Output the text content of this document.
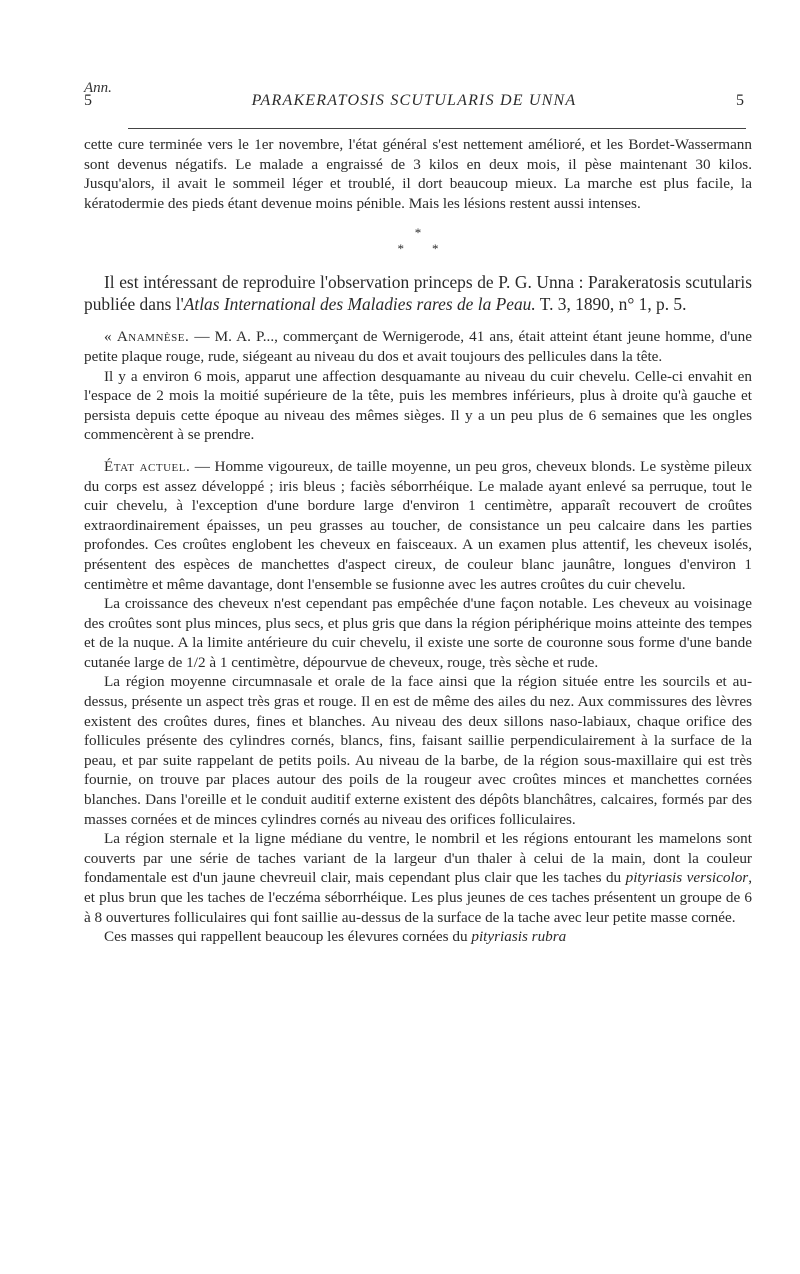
Ann.
5	PARAKERATOSIS SCUTULARIS DE UNNA	5

cette cure terminée vers le 1er novembre, l'état général s'est nettement amélioré, et les Bordet-Wassermann sont devenus négatifs. Le malade a engraissé de 3 kilos en deux mois, il pèse maintenant 30 kilos. Jusqu'alors, il avait le sommeil léger et troublé, il dort beaucoup mieux. La marche est plus facile, la kératodermie des pieds étant devenue moins pénible. Mais les lésions restent aussi intenses.

*
* *

Il est intéressant de reproduire l'observation princeps de P. G. Unna : Parakeratosis scutularis publiée dans l'Atlas International des Maladies rares de la Peau. T. 3, 1890, n° 1, p. 5.

« Anamnèse. — M. A. P..., commerçant de Wernigerode, 41 ans, était atteint étant jeune homme, d'une petite plaque rouge, rude, siégeant au niveau du dos et avait toujours des pellicules dans la tête.

Il y a environ 6 mois, apparut une affection desquamante au niveau du cuir chevelu. Celle-ci envahit en l'espace de 2 mois la moitié supérieure de la tête, puis les membres inférieurs, plus à droite qu'à gauche et persista depuis cette époque au niveau des mêmes sièges. Il y a un peu plus de 6 semaines que les ongles commencèrent à se prendre.

État actuel. — Homme vigoureux, de taille moyenne, un peu gros, cheveux blonds. Le système pileux du corps est assez développé ; iris bleus ; faciès séborrhéique. Le malade ayant enlevé sa perruque, tout le cuir chevelu, à l'exception d'une bordure large d'environ 1 centimètre, apparaît recouvert de croûtes extraordinairement épaisses, un peu grasses au toucher, de consistance un peu calcaire dans les parties profondes. Ces croûtes englobent les cheveux en faisceaux. A un examen plus attentif, les cheveux isolés, présentent des espèces de manchettes d'aspect cireux, de couleur blanc jaunâtre, longues d'environ 1 centimètre et même davantage, dont l'ensemble se fusionne avec les autres croûtes du cuir chevelu.

La croissance des cheveux n'est cependant pas empêchée d'une façon notable. Les cheveux au voisinage des croûtes sont plus minces, plus secs, et plus gris que dans la région périphérique moins atteinte des tempes et de la nuque. A la limite antérieure du cuir chevelu, il existe une sorte de couronne sous forme d'une bande cutanée large de 1/2 à 1 centimètre, dépourvue de cheveux, rouge, très sèche et rude.

La région moyenne circumnasale et orale de la face ainsi que la région située entre les sourcils et au-dessus, présente un aspect très gras et rouge. Il en est de même des ailes du nez. Aux commissures des lèvres existent des croûtes dures, fines et blanches. Au niveau des deux sillons naso-labiaux, chaque orifice des follicules présente des cylindres cornés, blancs, fins, faisant saillie perpendiculairement à la surface de la peau, et par suite rappelant de petits poils. Au niveau de la barbe, de la région sous-maxillaire qui est très fournie, on trouve par places autour des poils de la rougeur avec croûtes minces et manchettes cornées blanches. Dans l'oreille et le conduit auditif externe existent des dépôts blanchâtres, calcaires, formés par des masses cornées et de minces cylindres cornés au niveau des orifices folliculaires.

La région sternale et la ligne médiane du ventre, le nombril et les régions entourant les mamelons sont couverts par une série de taches variant de la largeur d'un thaler à celui de la main, dont la couleur fondamentale est d'un jaune chevreuil clair, mais cependant plus clair que les taches du pityriasis versicolor, et plus brun que les taches de l'eczéma séborrhéique. Les plus jeunes de ces taches présentent un groupe de 6 à 8 ouvertures folliculaires qui font saillie au-dessus de la surface de la tache avec leur petite masse cornée.

Ces masses qui rappellent beaucoup les élevures cornées du pityriasis rubra
